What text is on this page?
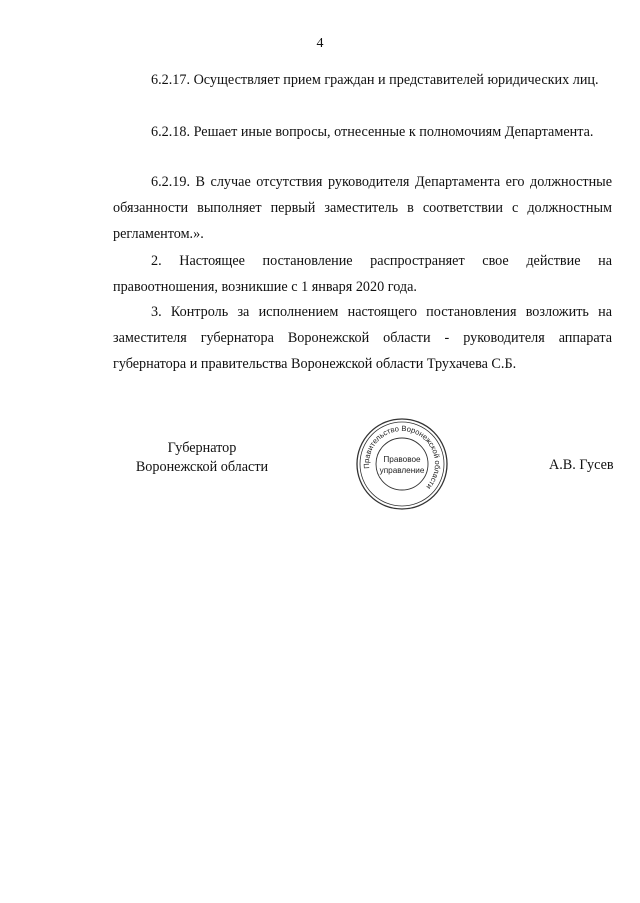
4

6.2.17. Осуществляет прием граждан и представителей юридических лиц.

6.2.18. Решает иные вопросы, отнесенные к полномочиям Департамента.

6.2.19. В случае отсутствия руководителя Департамента его должностные обязанности выполняет первый заместитель в соответствии с должностным регламентом.».

2. Настоящее постановление распространяет свое действие на правоотношения, возникшие с 1 января 2020 года.

3. Контроль за исполнением настоящего постановления возложить на заместителя губернатора Воронежской области - руководителя аппарата губернатора и правительства Воронежской области Трухачева С.Б.

Губернатор
Воронежской области	Правительство Воронежской области
Правовое
управление	А.В. Гусев
